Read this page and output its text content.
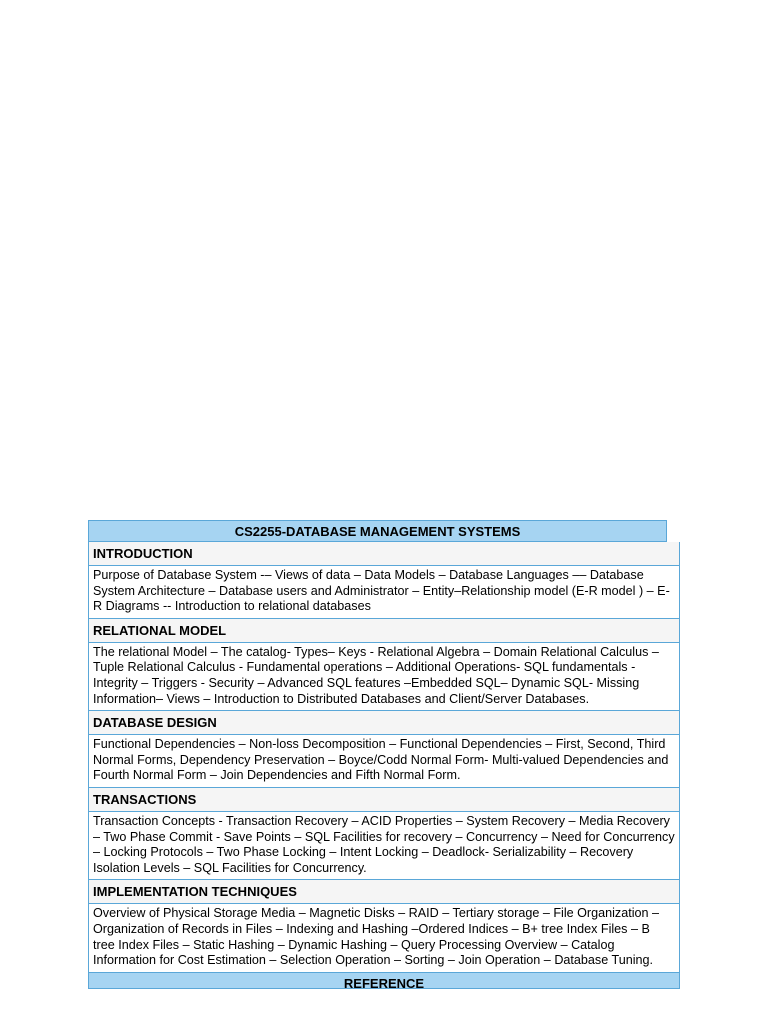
CS2255-DATABASE MANAGEMENT SYSTEMS
INTRODUCTION
Purpose of Database System -– Views of data – Data Models – Database Languages –– Database System Architecture – Database users and Administrator – Entity–Relationship model (E-R model ) – E-R Diagrams -- Introduction to relational databases
RELATIONAL MODEL
The relational Model – The catalog- Types– Keys - Relational Algebra – Domain Relational Calculus – Tuple Relational Calculus - Fundamental operations – Additional Operations- SQL fundamentals - Integrity – Triggers - Security – Advanced SQL features –Embedded SQL– Dynamic SQL- Missing Information– Views – Introduction to Distributed Databases and Client/Server Databases.
DATABASE DESIGN
Functional Dependencies – Non-loss Decomposition – Functional Dependencies – First, Second, Third Normal Forms, Dependency Preservation – Boyce/Codd Normal Form- Multi-valued Dependencies and Fourth Normal Form – Join Dependencies and Fifth Normal Form.
TRANSACTIONS
Transaction Concepts - Transaction Recovery – ACID Properties – System Recovery – Media Recovery – Two Phase Commit - Save Points – SQL Facilities for recovery – Concurrency – Need for Concurrency – Locking Protocols – Two Phase Locking – Intent Locking – Deadlock- Serializability – Recovery Isolation Levels – SQL Facilities for Concurrency.
IMPLEMENTATION TECHNIQUES
Overview of Physical Storage Media – Magnetic Disks – RAID – Tertiary storage – File Organization – Organization of Records in Files – Indexing and Hashing –Ordered Indices – B+ tree Index Files – B tree Index Files – Static Hashing – Dynamic Hashing – Query Processing Overview – Catalog Information for Cost Estimation – Selection Operation – Sorting – Join Operation – Database Tuning.
REFERENCE
